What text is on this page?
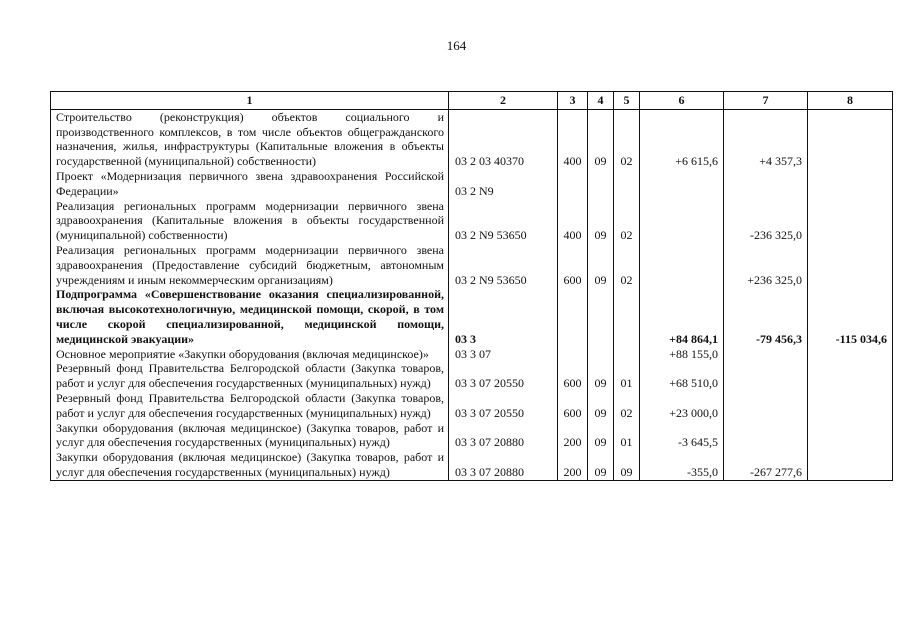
164
1	2	3	4	5	6	7	8
Строительство (реконструкция) объектов социального и производственного комплексов, в том числе объектов общегражданского назначения, жилья, инфраструктуры (Капитальные вложения в объекты государственной (муниципальной) собственности)	03 2 03 40370	400	09	02	+6 615,6	+4 357,3	
Проект «Модернизация первичного звена здравоохранения Российской Федерации»	03 2 N9						
Реализация региональных программ модернизации первичного звена здравоохранения (Капитальные вложения в объекты государственной (муниципальной) собственности)	03 2 N9 53650	400	09	02		-236 325,0	
Реализация региональных программ модернизации первичного звена здравоохранения (Предоставление субсидий бюджетным, автономным учреждениям и иным некоммерческим организациям)	03 2 N9 53650	600	09	02		+236 325,0	
Подпрограмма «Совершенствование оказания специализированной, включая высокотехнологичную, медицинской помощи, скорой, в том числе скорой специализированной, медицинской помощи, медицинской эвакуации»	03 3				+84 864,1	-79 456,3	-115 034,6
Основное мероприятие «Закупки оборудования (включая медицинское)»	03 3 07				+88 155,0		
Резервный фонд Правительства Белгородской области (Закупка товаров, работ и услуг для обеспечения государственных (муниципальных) нужд)	03 3 07 20550	600	09	01	+68 510,0		
Резервный фонд Правительства Белгородской области (Закупка товаров, работ и услуг для обеспечения государственных (муниципальных) нужд)	03 3 07 20550	600	09	02	+23 000,0		
Закупки оборудования (включая медицинское) (Закупка товаров, работ и услуг для обеспечения государственных (муниципальных) нужд)	03 3 07 20880	200	09	01	-3 645,5		
Закупки оборудования (включая медицинское) (Закупка товаров, работ и услуг для обеспечения государственных (муниципальных) нужд)	03 3 07 20880	200	09	09	-355,0	-267 277,6	
